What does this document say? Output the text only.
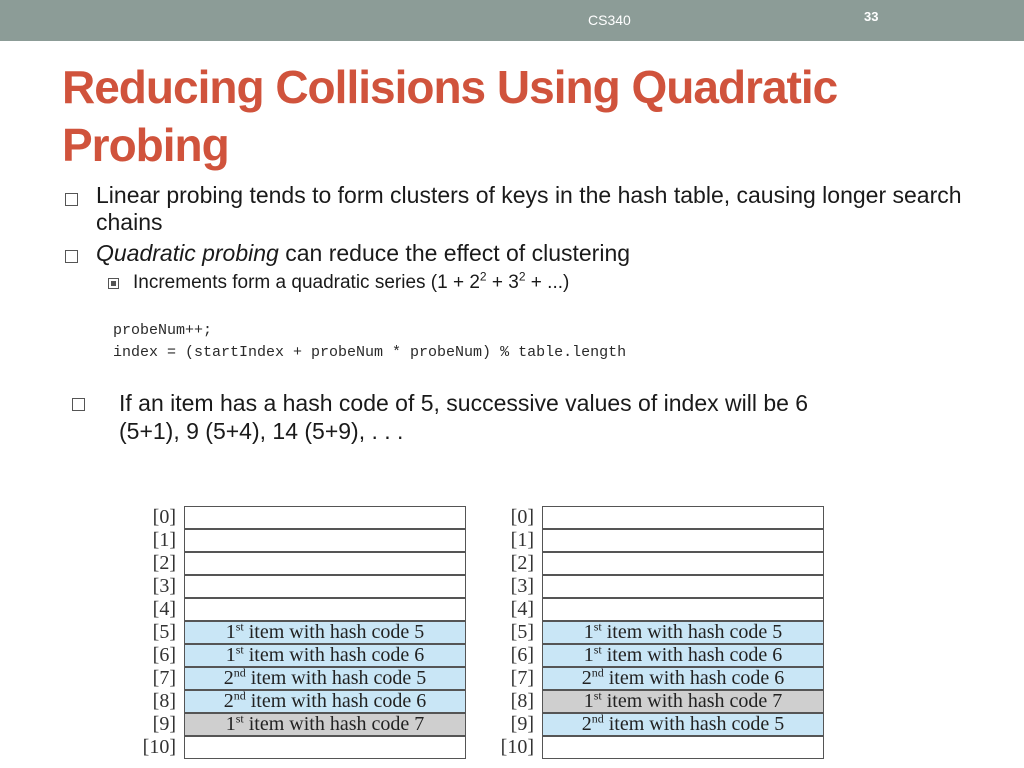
CS340	33
Reducing Collisions Using Quadratic Probing
Linear probing tends to form clusters of keys in the hash table, causing longer search chains
Quadratic probing can reduce the effect of clustering
Increments form a quadratic series ($1 + 2^2 + 3^2$ + ...)
probeNum++;
index = (startIndex + probeNum * probeNum) % table.length
If an item has a hash code of 5, successive values of index will be 6
(5+1), 9 (5+4), 14 (5+9), . . .
[0]
[1]
[2]
[3]
[4]
[5]	1st item with hash code 5
[6]	1st item with hash code 6
[7]	2nd item with hash code 5
[8]	2nd item with hash code 6
[9]	1st item with hash code 7
[10]
[0]
[1]
[2]
[3]
[4]
[5]	1st item with hash code 5
[6]	1st item with hash code 6
[7]	2nd item with hash code 6
[8]	1st item with hash code 7
[9]	2nd item with hash code 5
[10]
